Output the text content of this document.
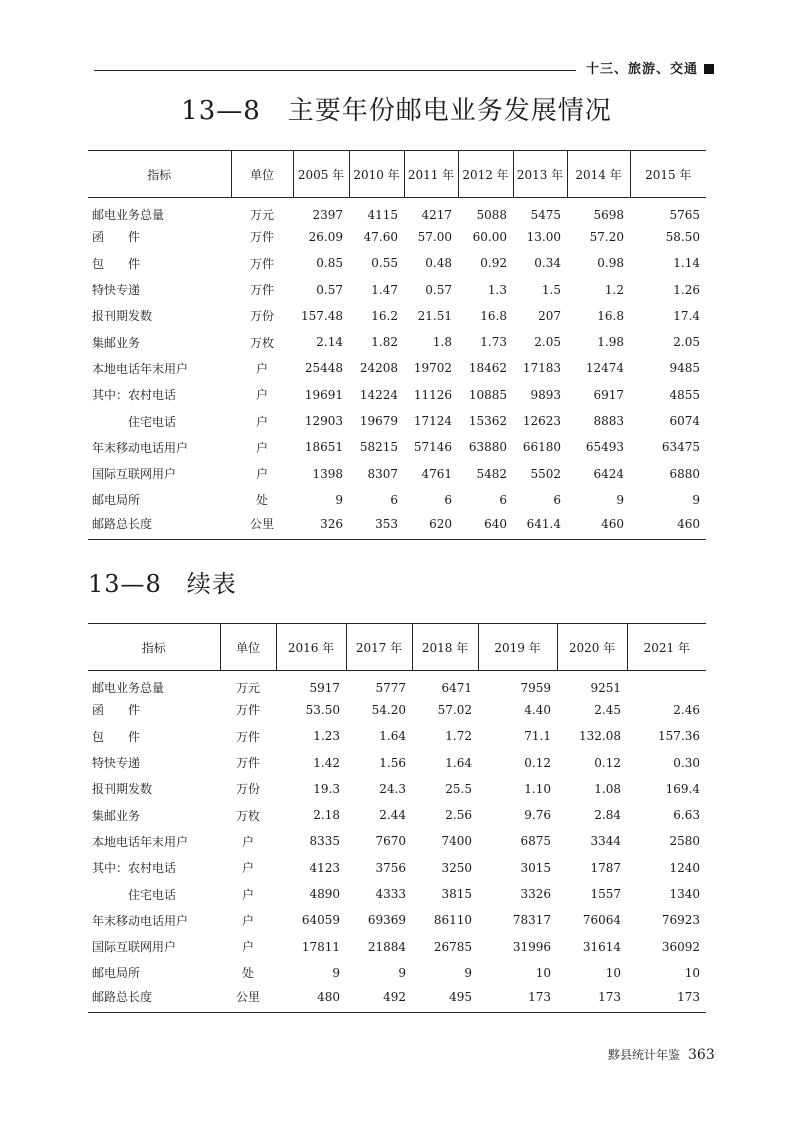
十三、旅游、交通
13—8　主要年份邮电业务发展情况
指标	单位	2005 年	2010 年	2011 年	2012 年	2013 年	2014 年	2015 年
邮电业务总量	万元	2397	4115	4217	5088	5475	5698	5765
函　　件	万件	26.09	47.60	57.00	60.00	13.00	57.20	58.50
包　　件	万件	0.85	0.55	0.48	0.92	0.34	0.98	1.14
特快专递	万件	0.57	1.47	0.57	1.3	1.5	1.2	1.26
报刊期发数	万份	157.48	16.2	21.51	16.8	207	16.8	17.4
集邮业务	万枚	2.14	1.82	1.8	1.73	2.05	1.98	2.05
本地电话年末用户	户	25448	24208	19702	18462	17183	12474	9485
其中：农村电话	户	19691	14224	11126	10885	9893	6917	4855
　　　住宅电话	户	12903	19679	17124	15362	12623	8883	6074
年末移动电话用户	户	18651	58215	57146	63880	66180	65493	63475
国际互联网用户	户	1398	8307	4761	5482	5502	6424	6880
邮电局所	处	9	6	6	6	6	9	9
邮路总长度	公里	326	353	620	640	641.4	460	460
13—8　续表
指标	单位	2016 年	2017 年	2018 年	2019 年	2020 年	2021 年
邮电业务总量	万元	5917	5777	6471	7959	9251	
函　　件	万件	53.50	54.20	57.02	4.40	2.45	2.46
包　　件	万件	1.23	1.64	1.72	71.1	132.08	157.36
特快专递	万件	1.42	1.56	1.64	0.12	0.12	0.30
报刊期发数	万份	19.3	24.3	25.5	1.10	1.08	169.4
集邮业务	万枚	2.18	2.44	2.56	9.76	2.84	6.63
本地电话年末用户	户	8335	7670	7400	6875	3344	2580
其中：农村电话	户	4123	3756	3250	3015	1787	1240
　　　住宅电话	户	4890	4333	3815	3326	1557	1340
年末移动电话用户	户	64059	69369	86110	78317	76064	76923
国际互联网用户	户	17811	21884	26785	31996	31614	36092
邮电局所	处	9	9	9	10	10	10
邮路总长度	公里	480	492	495	173	173	173
黟县统计年鉴 363
